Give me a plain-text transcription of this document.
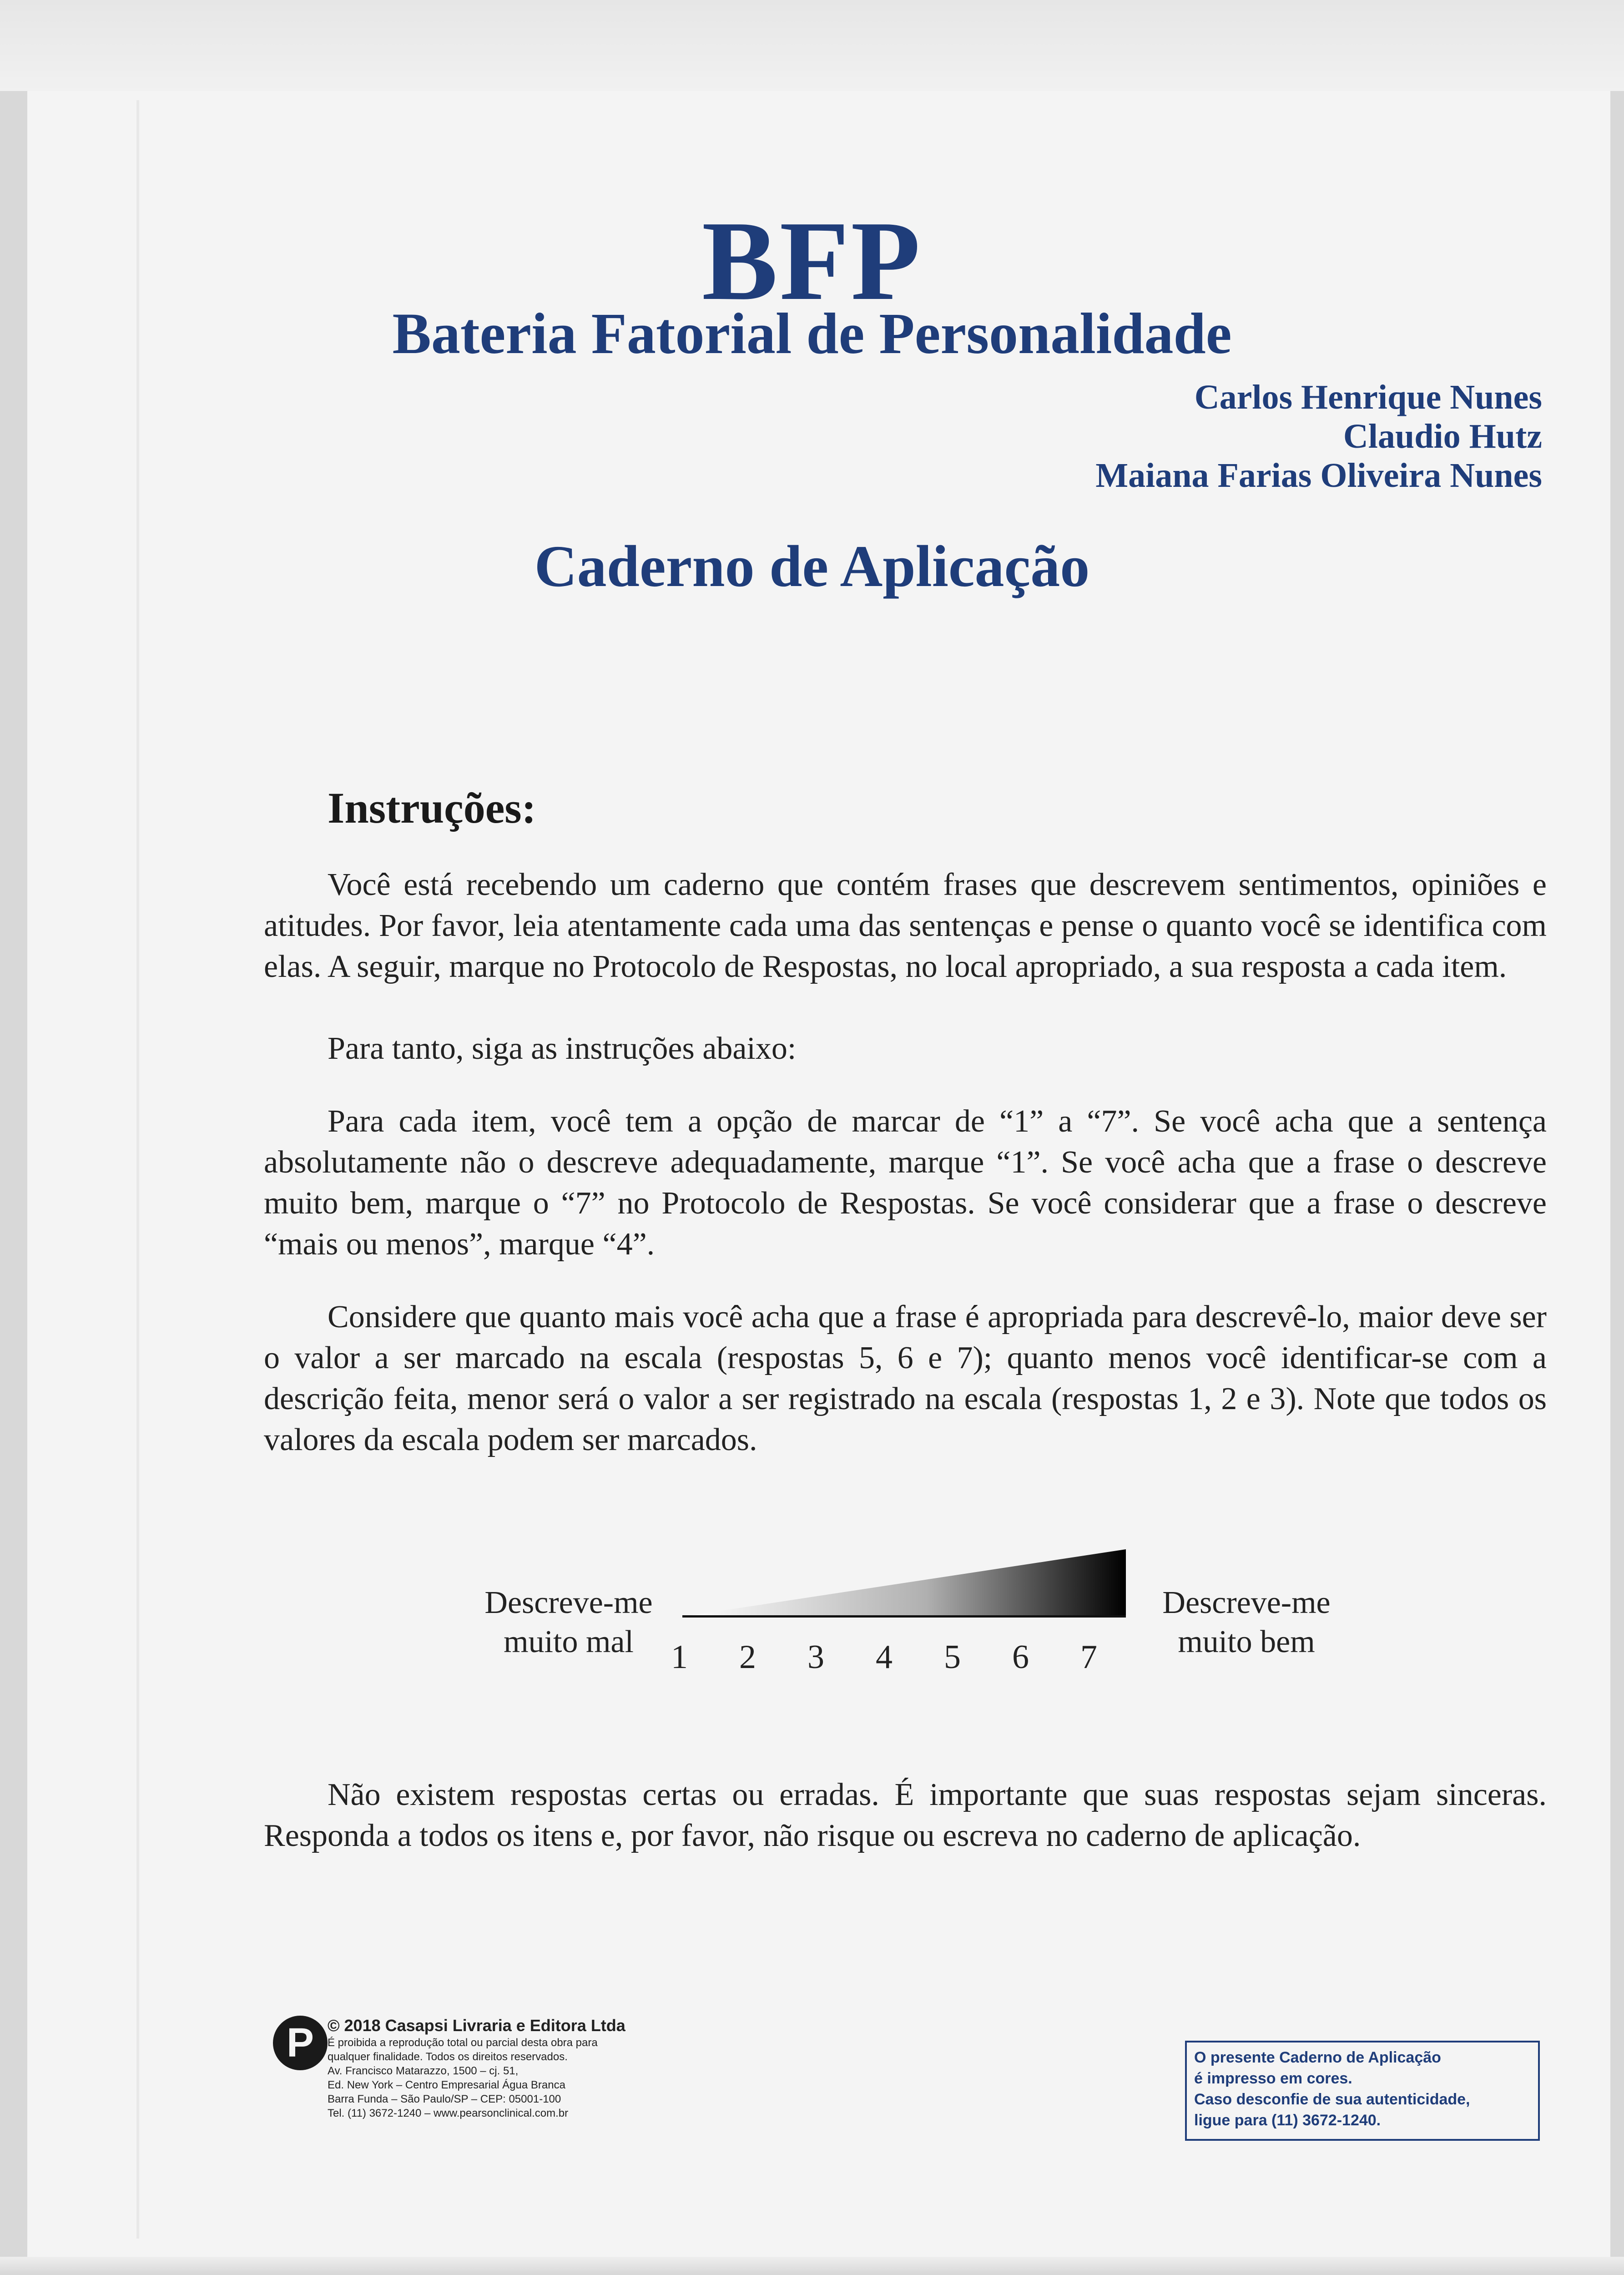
BFP
Bateria Fatorial de Personalidade
Carlos Henrique Nunes
Claudio Hutz
Maiana Farias Oliveira Nunes
Caderno de Aplicação
Instruções:
Você está recebendo um caderno que contém frases que descrevem sentimentos, opiniões e atitudes. Por favor, leia atentamente cada uma das sentenças e pense o quanto você se identifica com elas. A seguir, marque no Protocolo de Respostas, no local apropriado, a sua resposta a cada item.
Para tanto, siga as instruções abaixo:
Para cada item, você tem a opção de marcar de “1” a “7”. Se você acha que a sentença absolutamente não o descreve adequadamente, marque “1”. Se você acha que a frase o descreve muito bem, marque o “7” no Protocolo de Respostas. Se você considerar que a frase o descreve “mais ou menos”, marque “4”.
Considere que quanto mais você acha que a frase é apropriada para descrevê-lo, maior deve ser o valor a ser marcado na escala (respostas 5, 6 e 7); quanto menos você identificar-se com a descrição feita, menor será o valor a ser registrado na escala (respostas 1, 2 e 3). Note que todos os valores da escala podem ser marcados.
Descreve-me
muito mal	1 2 3 4 5 6 7
Descreve-me
muito bem
Não existem respostas certas ou erradas. É importante que suas respostas sejam sinceras. Responda a todos os itens e, por favor, não risque ou escreva no caderno de aplicação.
P © 2018 Casapsi Livraria e Editora Ltda
É proibida a reprodução total ou parcial desta obra para
qualquer finalidade. Todos os direitos reservados.
Av. Francisco Matarazzo, 1500 – cj. 51,
Ed. New York – Centro Empresarial Água Branca
Barra Funda – São Paulo/SP – CEP: 05001-100
Tel. (11) 3672-1240 – www.pearsonclinical.com.br
O presente Caderno de Aplicação
é impresso em cores.
Caso desconfie de sua autenticidade,
ligue para (11) 3672-1240.
